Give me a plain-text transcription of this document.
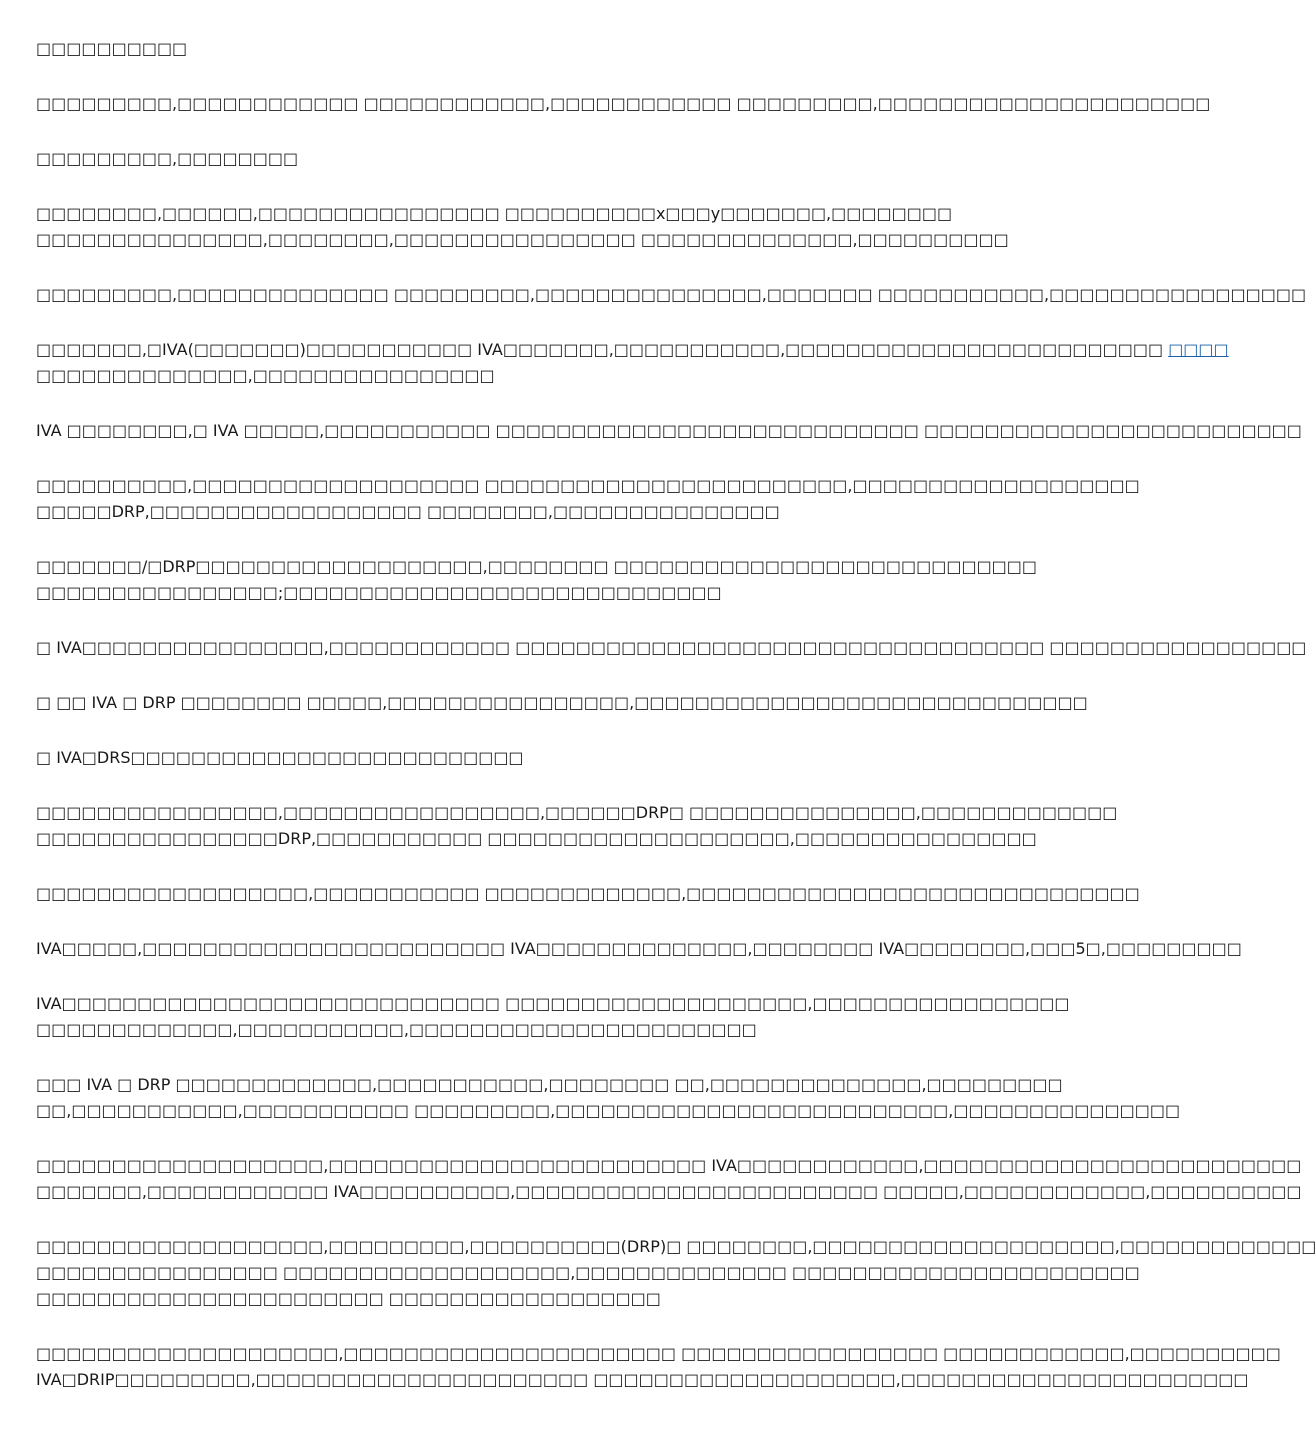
□□□□□□□□□□

□□□□□□□□□,□□□□□□□□□□□□ □□□□□□□□□□□□,□□□□□□□□□□□□ □□□□□□□□□,□□□□□□□□□□□□□□□□□□□□□□

□□□□□□□□□,□□□□□□□□

□□□□□□□□,□□□□□□,□□□□□□□□□□□□□□□□ □□□□□□□□□□x□□□y□□□□□□□,□□□□□□□□
□□□□□□□□□□□□□□□,□□□□□□□□,□□□□□□□□□□□□□□□□ □□□□□□□□□□□□□□,□□□□□□□□□□

□□□□□□□□□,□□□□□□□□□□□□□□ □□□□□□□□□,□□□□□□□□□□□□□□□,□□□□□□□ □□□□□□□□□□□,□□□□□□□□□□□□□□□□□

□□□□□□□,□IVA(□□□□□□□)□□□□□□□□□□□ IVA□□□□□□□,□□□□□□□□□□□,□□□□□□□□□□□□□□□□□□□□□□□□□ □□□□
□□□□□□□□□□□□□□,□□□□□□□□□□□□□□□□

IVA □□□□□□□□,□ IVA □□□□□,□□□□□□□□□□□ □□□□□□□□□□□□□□□□□□□□□□□□□□□□ □□□□□□□□□□□□□□□□□□□□□□□□□

□□□□□□□□□□,□□□□□□□□□□□□□□□□□□□ □□□□□□□□□□□□□□□□□□□□□□□□,□□□□□□□□□□□□□□□□□□□
□□□□□DRP,□□□□□□□□□□□□□□□□□□ □□□□□□□□,□□□□□□□□□□□□□□□

□□□□□□□/□DRP□□□□□□□□□□□□□□□□□□□,□□□□□□□□ □□□□□□□□□□□□□□□□□□□□□□□□□□□□
□□□□□□□□□□□□□□□□;□□□□□□□□□□□□□□□□□□□□□□□□□□□□□

□ IVA□□□□□□□□□□□□□□□□,□□□□□□□□□□□□ □□□□□□□□□□□□□□□□□□□□□□□□□□□□□□□□□□□ □□□□□□□□□□□□□□□□□

□ □□ IVA □ DRP □□□□□□□□ □□□□□,□□□□□□□□□□□□□□□□,□□□□□□□□□□□□□□□□□□□□□□□□□□□□□□

□ IVA□DRS□□□□□□□□□□□□□□□□□□□□□□□□□□

□□□□□□□□□□□□□□□□,□□□□□□□□□□□□□□□□□,□□□□□□DRP□ □□□□□□□□□□□□□□□,□□□□□□□□□□□□□
□□□□□□□□□□□□□□□□DRP,□□□□□□□□□□□ □□□□□□□□□□□□□□□□□□□□,□□□□□□□□□□□□□□□□

□□□□□□□□□□□□□□□□□□,□□□□□□□□□□□ □□□□□□□□□□□□□,□□□□□□□□□□□□□□□□□□□□□□□□□□□□□□

IVA□□□□□,□□□□□□□□□□□□□□□□□□□□□□□□ IVA□□□□□□□□□□□□□□,□□□□□□□□ IVA□□□□□□□□,□□□5□,□□□□□□□□□

IVA□□□□□□□□□□□□□□□□□□□□□□□□□□□□□ □□□□□□□□□□□□□□□□□□□□,□□□□□□□□□□□□□□□□□
□□□□□□□□□□□□□,□□□□□□□□□□□,□□□□□□□□□□□□□□□□□□□□□□□

□□□ IVA □ DRP □□□□□□□□□□□□□,□□□□□□□□□□□,□□□□□□□□ □□,□□□□□□□□□□□□□□,□□□□□□□□□
□□,□□□□□□□□□□□,□□□□□□□□□□□ □□□□□□□□□,□□□□□□□□□□□□□□□□□□□□□□□□□□,□□□□□□□□□□□□□□□

□□□□□□□□□□□□□□□□□□□,□□□□□□□□□□□□□□□□□□□□□□□□□ IVA□□□□□□□□□□□□,□□□□□□□□□□□□□□□□□□□□□□□□□
□□□□□□□,□□□□□□□□□□□□ IVA□□□□□□□□□□,□□□□□□□□□□□□□□□□□□□□□□□□ □□□□□,□□□□□□□□□□□□,□□□□□□□□□□

□□□□□□□□□□□□□□□□□□□,□□□□□□□□□,□□□□□□□□□□(DRP)□ □□□□□□□□,□□□□□□□□□□□□□□□□□□□□,□□□□□□□□□□□□□
□□□□□□□□□□□□□□□□ □□□□□□□□□□□□□□□□□□□,□□□□□□□□□□□□□□ □□□□□□□□□□□□□□□□□□□□□□□
□□□□□□□□□□□□□□□□□□□□□□□ □□□□□□□□□□□□□□□□□□

□□□□□□□□□□□□□□□□□□□□,□□□□□□□□□□□□□□□□□□□□□□ □□□□□□□□□□□□□□□□□ □□□□□□□□□□□□,□□□□□□□□□□
IVA□DRIP□□□□□□□□□,□□□□□□□□□□□□□□□□□□□□□□ □□□□□□□□□□□□□□□□□□□□,□□□□□□□□□□□□□□□□□□□□□□□
